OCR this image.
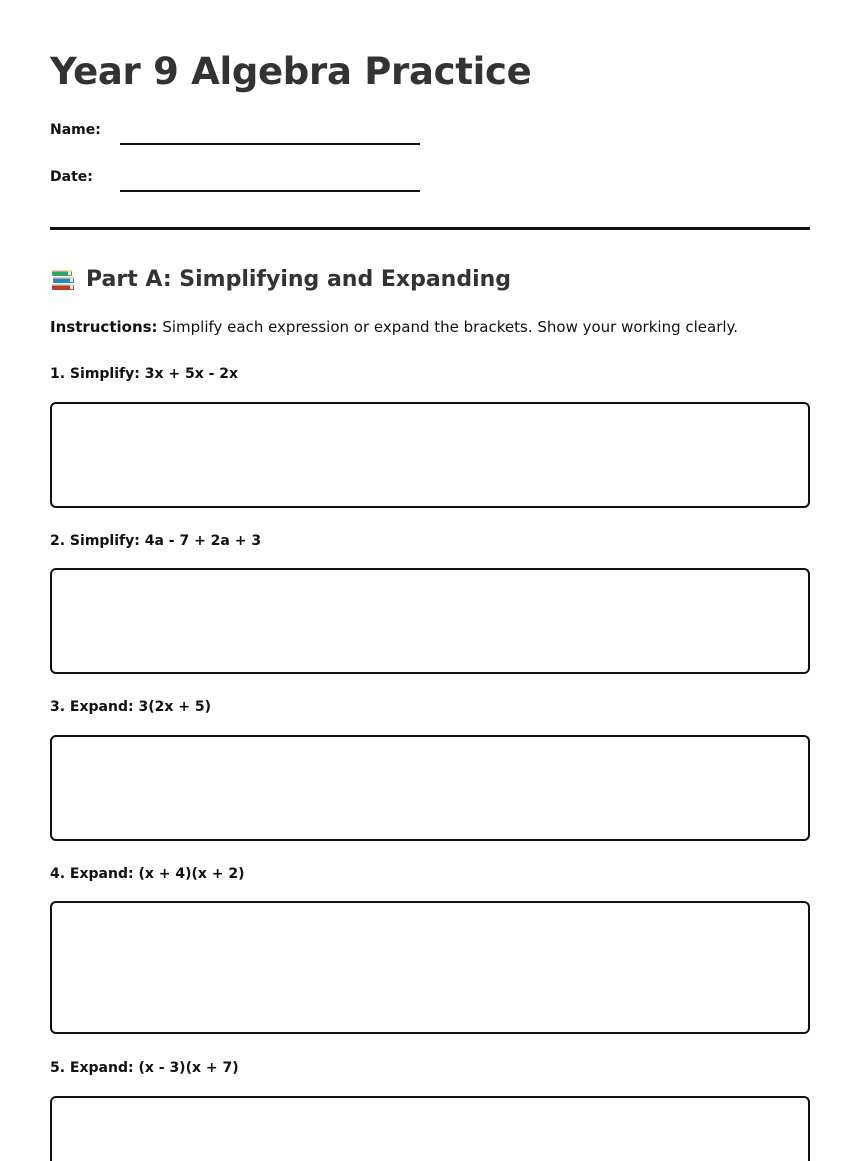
Year 9 Algebra Practice
Name:
Date:
Part A: Simplifying and Expanding
Instructions: Simplify each expression or expand the brackets. Show your working clearly.
1. Simplify: 3x + 5x - 2x
2. Simplify: 4a - 7 + 2a + 3
3. Expand: 3(2x + 5)
4. Expand: (x + 4)(x + 2)
5. Expand: (x - 3)(x + 7)
